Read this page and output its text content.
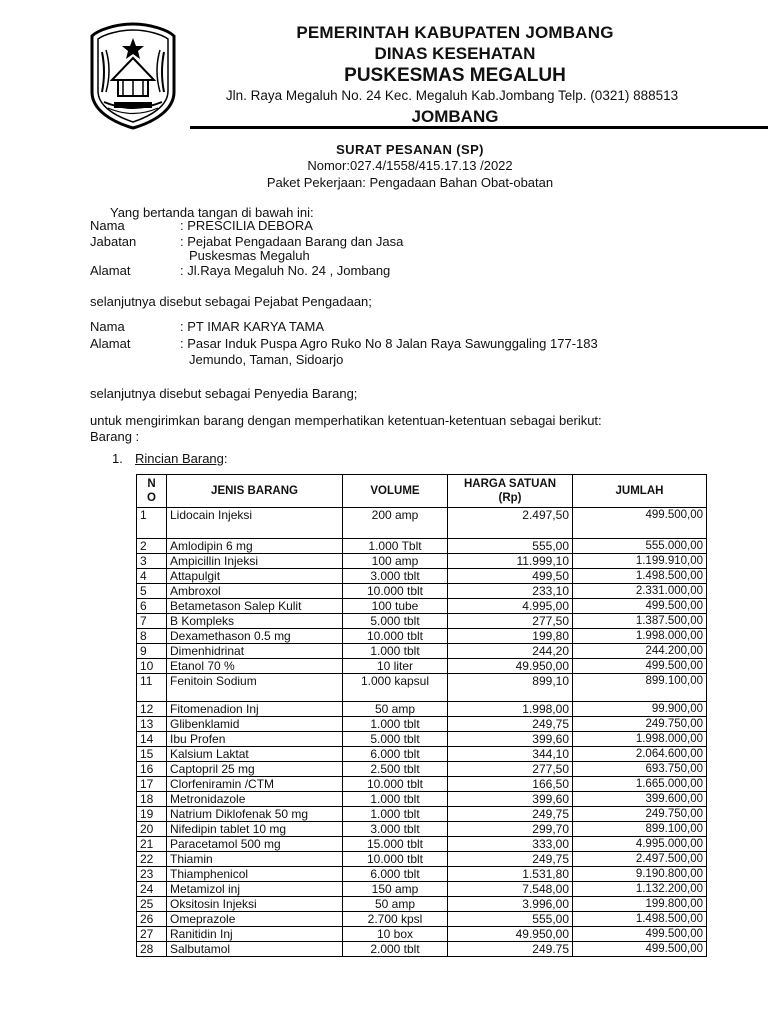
PEMERINTAH KABUPATEN JOMBANG
DINAS KESEHATAN
PUSKESMAS MEGALUH
Jln. Raya Megaluh No. 24 Kec. Megaluh Kab.Jombang Telp. (0321) 888513
JOMBANG
SURAT PESANAN (SP)
Nomor:027.4/1558/415.17.13 /2022
Paket Pekerjaan: Pengadaan Bahan Obat-obatan
Yang bertanda tangan di bawah ini:
Nama	: PRESCILIA DEBORA
Jabatan	: Pejabat Pengadaan Barang dan Jasa
Puskesmas Megaluh
Alamat	: Jl.Raya Megaluh No. 24 , Jombang
selanjutnya disebut sebagai Pejabat Pengadaan;
Nama	: PT IMAR KARYA TAMA
Alamat	: Pasar Induk Puspa Agro Ruko No 8 Jalan Raya Sawunggaling 177-183
Jemundo, Taman, Sidoarjo
selanjutnya disebut sebagai Penyedia Barang;
untuk mengirimkan barang dengan memperhatikan ketentuan-ketentuan sebagai berikut:
Barang :
1. Rincian Barang:
N O	JENIS BARANG	VOLUME	HARGA SATUAN (Rp)	JUMLAH
1	Lidocain Injeksi	200 amp	2.497,50	499.500,00
2	Amlodipin 6 mg	1.000 Tblt	555,00	555.000,00
3	Ampicillin Injeksi	100 amp	11.999,10	1.199.910,00
4	Attapulgit	3.000 tblt	499,50	1.498.500,00
5	Ambroxol	10.000 tblt	233,10	2.331.000,00
6	Betametason Salep Kulit	100 tube	4.995,00	499.500,00
7	B Kompleks	5.000 tblt	277,50	1.387.500,00
8	Dexamethason 0.5 mg	10.000 tblt	199,80	1.998.000,00
9	Dimenhidrinat	1.000 tblt	244,20	244.200,00
10	Etanol 70 %	10 liter	49.950,00	499.500,00
11	Fenitoin Sodium	1.000 kapsul	899,10	899.100,00
12	Fitomenadion Inj	50 amp	1.998,00	99.900,00
13	Glibenklamid	1.000 tblt	249,75	249.750,00
14	Ibu Profen	5.000 tblt	399,60	1.998.000,00
15	Kalsium Laktat	6.000 tblt	344,10	2.064.600,00
16	Captopril 25 mg	2.500 tblt	277,50	693.750,00
17	Clorfeniramin /CTM	10.000 tblt	166,50	1.665.000,00
18	Metronidazole	1.000 tblt	399,60	399.600,00
19	Natrium Diklofenak 50 mg	1.000 tblt	249,75	249.750,00
20	Nifedipin tablet 10 mg	3.000 tblt	299,70	899.100,00
21	Paracetamol 500 mg	15.000 tblt	333,00	4.995.000,00
22	Thiamin	10.000 tblt	249,75	2.497.500,00
23	Thiamphenicol	6.000 tblt	1.531,80	9.190.800,00
24	Metamizol inj	150 amp	7.548,00	1.132.200,00
25	Oksitosin Injeksi	50 amp	3.996,00	199.800,00
26	Omeprazole	2.700 kpsl	555,00	1.498.500,00
27	Ranitidin Inj	10 box	49.950,00	499.500,00
28	Salbutamol	2.000 tblt	249.75	499.500,00
